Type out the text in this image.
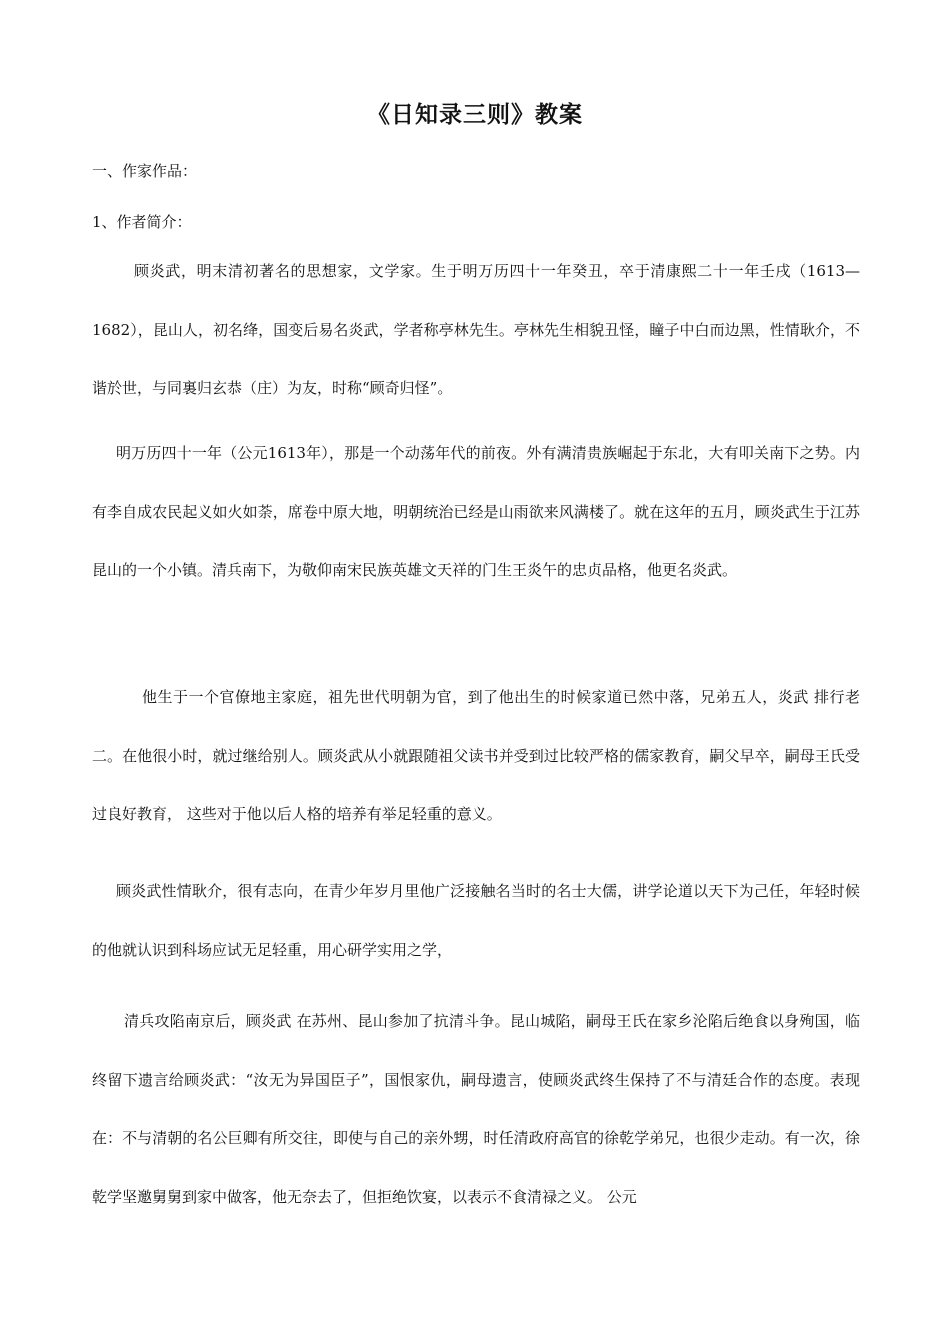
《日知录三则》教案
一、作家作品：
1、作者简介：

顾炎武，明末清初著名的思想家，文学家。生于明万历四十一年癸丑，卒于清康熙二十一年壬戌（1613—1682），昆山人，初名绛，国变后易名炎武，学者称亭林先生。亭林先生相貌丑怪，瞳子中白而边黑，性情耿介，不谐於世，与同裏归玄恭（庄）为友，时称“顾奇归怪”。

明万历四十一年（公元1613年），那是一个动荡年代的前夜。外有满清贵族崛起于东北，大有叩关南下之势。内有李自成农民起义如火如荼，席卷中原大地，明朝统治已经是山雨欲来风满楼了。就在这年的五月，顾炎武生于江苏昆山的一个小镇。清兵南下，为敬仰南宋民族英雄文天祥的门生王炎午的忠贞品格，他更名炎武。

他生于一个官僚地主家庭，祖先世代明朝为官，到了他出生的时候家道已然中落，兄弟五人，炎武 排行老二。在他很小时，就过继给别人。顾炎武从小就跟随祖父读书并受到过比较严格的儒家教育，嗣父早卒，嗣母王氏受过良好教育， 这些对于他以后人格的培养有举足轻重的意义。

顾炎武性情耿介，很有志向，在青少年岁月里他广泛接触名当时的名士大儒，讲学论道以天下为己任，年轻时候的他就认识到科场应试无足轻重，用心研学实用之学，

清兵攻陷南京后，顾炎武 在苏州、昆山参加了抗清斗争。昆山城陷，嗣母王氏在家乡沦陷后绝食以身殉国，临终留下遗言给顾炎武：“汝无为异国臣子”，国恨家仇，嗣母遗言，使顾炎武终生保持了不与清廷合作的态度。表现在：不与清朝的名公巨卿有所交往，即使与自己的亲外甥，时任清政府高官的徐乾学弟兄，也很少走动。有一次，徐乾学坚邀舅舅到家中做客，他无奈去了，但拒绝饮宴，以表示不食清禄之义。 公元
